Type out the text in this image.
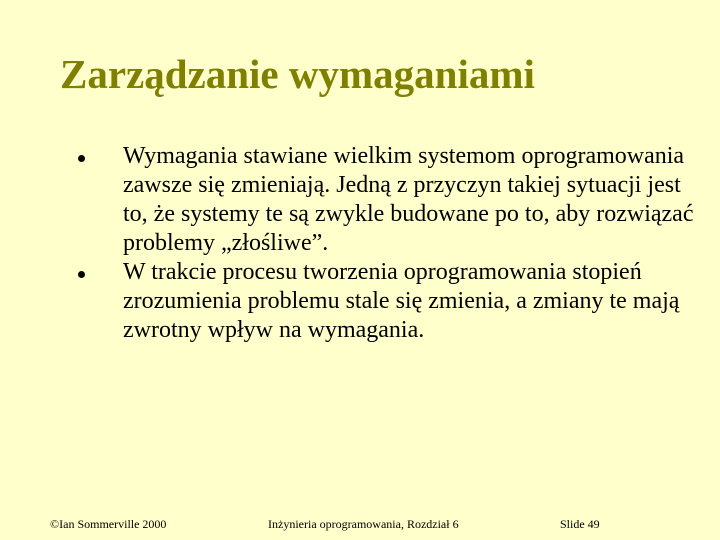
Zarządzanie wymaganiami
Wymagania stawiane wielkim systemom oprogramowania zawsze się zmieniają. Jedną z przyczyn takiej sytuacji jest to, że systemy te są zwykle budowane po to, aby rozwiązać problemy „złośliwe”.
W trakcie procesu tworzenia oprogramowania stopień zrozumienia problemu stale się zmienia, a zmiany te mają zwrotny wpływ na wymagania.
©Ian Sommerville 2000	Inżynieria oprogramowania, Rozdział 6	Slide 49
